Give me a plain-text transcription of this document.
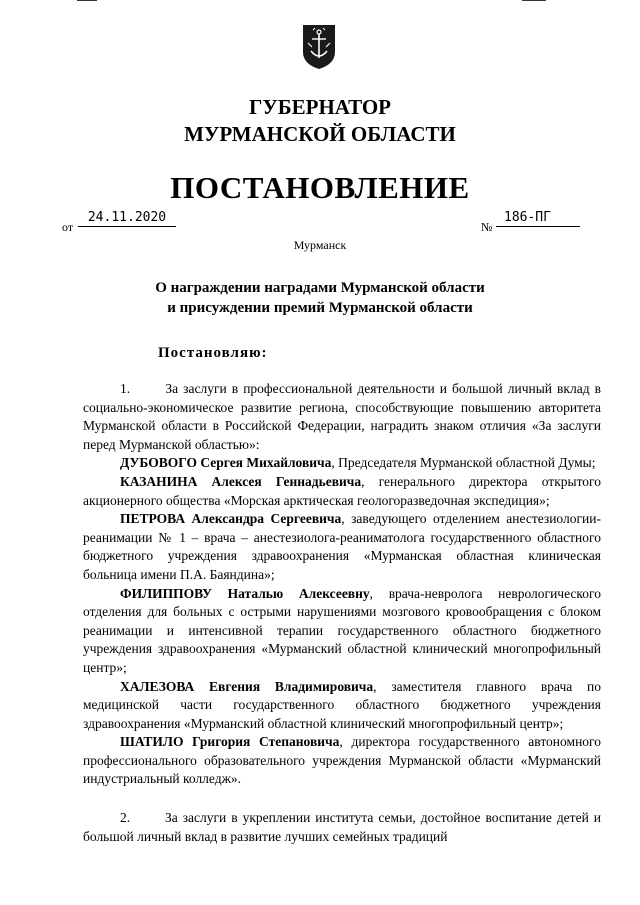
ГУБЕРНАТОР
МУРМАНСКОЙ ОБЛАСТИ
ПОСТАНОВЛЕНИЕ
от
24.11.2020
№
186-ПГ
Мурманск
О награждении наградами Мурманской области
и присуждении премий Мурманской области
Постановляю:

1.	За заслуги в профессиональной деятельности и большой личный вклад в социально-экономическое развитие региона, способствующие повышению авторитета Мурманской области в Российской Федерации, наградить знаком отличия «За заслуги перед Мурманской областью»:

ДУБОВОГО Сергея Михайловича, Председателя Мурманской областной Думы;

КАЗАНИНА Алексея Геннадьевича, генерального директора открытого акционерного общества «Морская арктическая геологоразведочная экспедиция»;

ПЕТРОВА Александра Сергеевича, заведующего отделением анестезиологии-реанимации № 1 – врача – анестезиолога-реаниматолога государственного областного бюджетного учреждения здравоохранения «Мурманская областная клиническая больница имени П.А. Баяндина»;

ФИЛИППОВУ Наталью Алексеевну, врача-невролога неврологического отделения для больных с острыми нарушениями мозгового кровообращения с блоком реанимации и интенсивной терапии государственного областного бюджетного учреждения здравоохранения «Мурманский областной клинический многопрофильный центр»;

ХАЛЕЗОВА Евгения Владимировича, заместителя главного врача по медицинской части государственного областного бюджетного учреждения здравоохранения «Мурманский областной клинический многопрофильный центр»;

ШАТИЛО Григория Степановича, директора государственного автономного профессионального образовательного учреждения Мурманской области «Мурманский индустриальный колледж».

2.	За заслуги в укреплении института семьи, достойное воспитание детей и большой личный вклад в развитие лучших семейных традиций
